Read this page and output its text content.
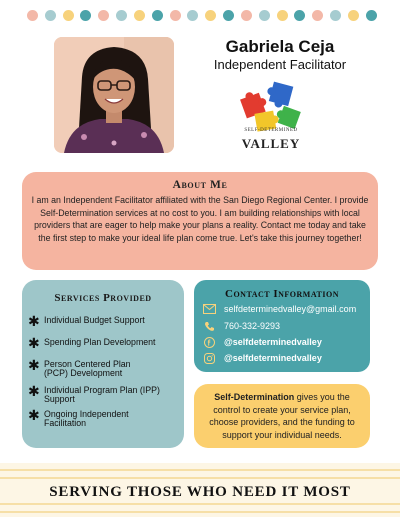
Gabriela Ceja
Independent Facilitator
SELF-DETERMINED
VALLEY
About Me
I am an Independent Facilitator affiliated with the San Diego Regional Center. I provide Self-Determination services at no cost to you. I am building relationships with local providers that are eager to help make your plans a reality. Contact me today and take the first step to make your ideal life plan come true. Let's take this journey together!
Services Provided
✱ Individual Budget Support
✱ Spending Plan Development
✱ Person Centered Plan (PCP) Development
✱ Individual Program Plan (IPP) Support
✱ Ongoing Independent Facilitation
Contact Information
selfdeterminedvalley@gmail.com
760-332-9293
@selfdeterminedvalley
@selfdeterminedvalley
Self-Determination gives you the control to create your service plan, choose providers, and the funding to support your individual needs.
SERVING THOSE WHO NEED IT MOST
